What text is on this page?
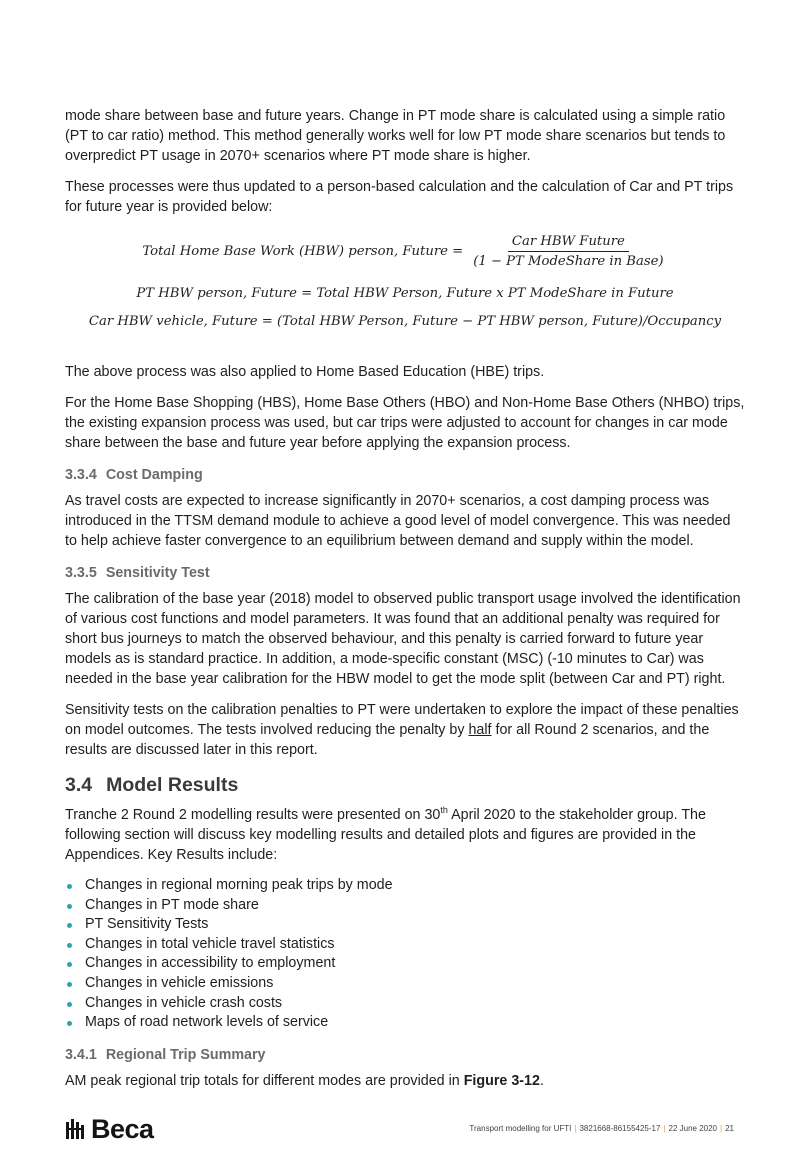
mode share between base and future years. Change in PT mode share is calculated using a simple ratio (PT to car ratio) method. This method generally works well for low PT mode share scenarios but tends to overpredict PT usage in 2070+ scenarios where PT mode share is higher.

These processes were thus updated to a person-based calculation and the calculation of Car and PT trips for future year is provided below:

Total Home Base Work (HBW) person, Future = $\frac{\text{Car HBW Future}}{\text{(1 − PT ModeShare in Base)}}$
PT HBW person, Future = Total HBW Person, Future x PT ModeShare in Future
Car HBW vehicle, Future = (Total HBW Person, Future − PT HBW person, Future)/Occupancy

The above process was also applied to Home Based Education (HBE) trips.

For the Home Base Shopping (HBS), Home Base Others (HBO) and Non-Home Base Others (NHBO) trips, the existing expansion process was used, but car trips were adjusted to account for changes in car mode share between the base and future year before applying the expansion process.

3.3.4 Cost Damping

As travel costs are expected to increase significantly in 2070+ scenarios, a cost damping process was introduced in the TTSM demand module to achieve a good level of model convergence. This was needed to help achieve faster convergence to an equilibrium between demand and supply within the model.

3.3.5 Sensitivity Test

The calibration of the base year (2018) model to observed public transport usage involved the identification of various cost functions and model parameters. It was found that an additional penalty was required for short bus journeys to match the observed behaviour, and this penalty is carried forward to future year models as is standard practice. In addition, a mode-specific constant (MSC) (-10 minutes to Car) was needed in the base year calibration for the HBW model to get the mode split (between Car and PT) right.

Sensitivity tests on the calibration penalties to PT were undertaken to explore the impact of these penalties on model outcomes. The tests involved reducing the penalty by half for all Round 2 scenarios, and the results are discussed later in this report.

3.4 Model Results

Tranche 2 Round 2 modelling results were presented on 30th April 2020 to the stakeholder group. The following section will discuss key modelling results and detailed plots and figures are provided in the Appendices. Key Results include:

Changes in regional morning peak trips by mode
Changes in PT mode share
PT Sensitivity Tests
Changes in total vehicle travel statistics
Changes in accessibility to employment
Changes in vehicle emissions
Changes in vehicle crash costs
Maps of road network levels of service
3.4.1 Regional Trip Summary

AM peak regional trip totals for different modes are provided in Figure 3-12.

Beca	Transport modelling for UFTI | 3821668-86155425-17 | 22 June 2020 | 21
